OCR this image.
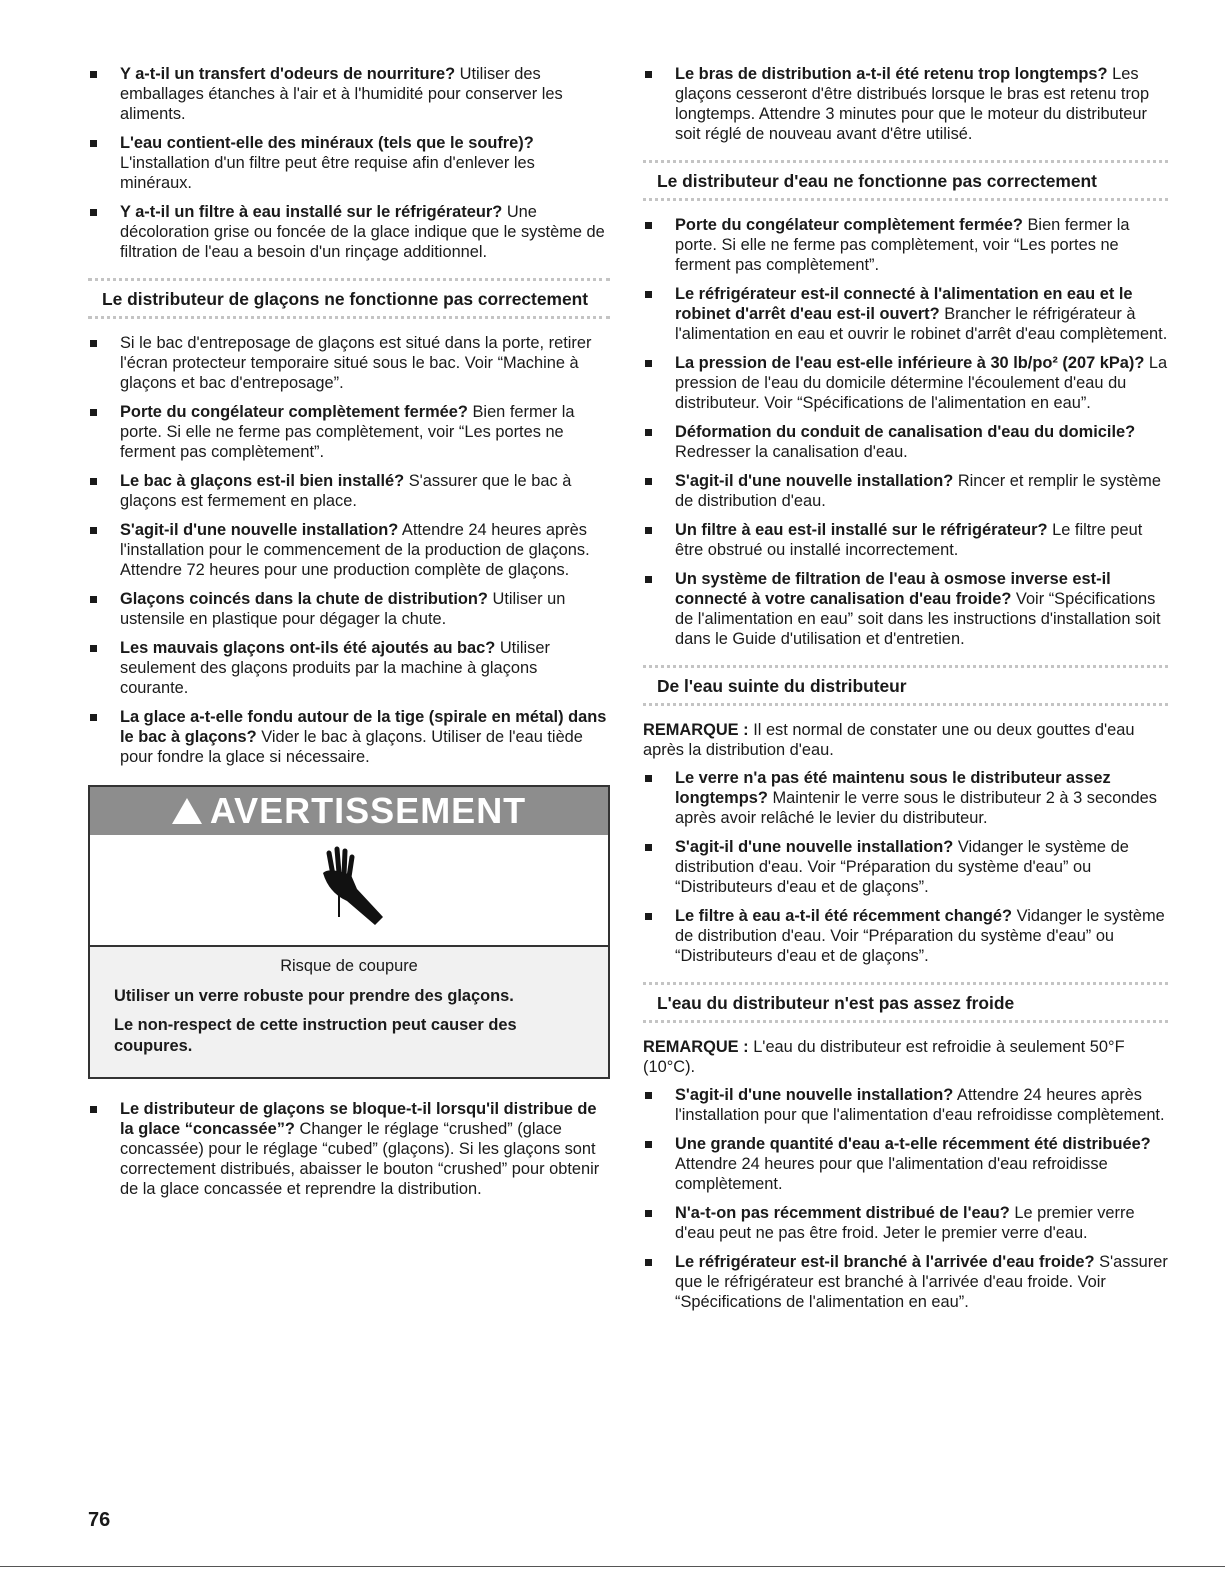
Y a-t-il un transfert d'odeurs de nourriture? Utiliser des emballages étanches à l'air et à l'humidité pour conserver les aliments.
L'eau contient-elle des minéraux (tels que le soufre)? L'installation d'un filtre peut être requise afin d'enlever les minéraux.
Y a-t-il un filtre à eau installé sur le réfrigérateur? Une décoloration grise ou foncée de la glace indique que le système de filtration de l'eau a besoin d'un rinçage additionnel.
Le distributeur de glaçons ne fonctionne pas correctement
Si le bac d'entreposage de glaçons est situé dans la porte, retirer l'écran protecteur temporaire situé sous le bac. Voir “Machine à glaçons et bac d'entreposage”.
Porte du congélateur complètement fermée? Bien fermer la porte. Si elle ne ferme pas complètement, voir “Les portes ne ferment pas complètement”.
Le bac à glaçons est-il bien installé? S'assurer que le bac à glaçons est fermement en place.
S'agit-il d'une nouvelle installation? Attendre 24 heures après l'installation pour le commencement de la production de glaçons. Attendre 72 heures pour une production complète de glaçons.
Glaçons coincés dans la chute de distribution? Utiliser un ustensile en plastique pour dégager la chute.
Les mauvais glaçons ont-ils été ajoutés au bac? Utiliser seulement des glaçons produits par la machine à glaçons courante.
La glace a-t-elle fondu autour de la tige (spirale en métal) dans le bac à glaçons? Vider le bac à glaçons. Utiliser de l'eau tiède pour fondre la glace si nécessaire.
AVERTISSEMENT
Risque de coupure
Utiliser un verre robuste pour prendre des glaçons.
Le non-respect de cette instruction peut causer des coupures.
Le distributeur de glaçons se bloque-t-il lorsqu'il distribue de la glace “concassée”? Changer le réglage “crushed” (glace concassée) pour le réglage “cubed” (glaçons). Si les glaçons sont correctement distribués, abaisser le bouton “crushed” pour obtenir de la glace concassée et reprendre la distribution.
Le bras de distribution a-t-il été retenu trop longtemps? Les glaçons cesseront d'être distribués lorsque le bras est retenu trop longtemps. Attendre 3 minutes pour que le moteur du distributeur soit réglé de nouveau avant d'être utilisé.
Le distributeur d'eau ne fonctionne pas correctement
Porte du congélateur complètement fermée? Bien fermer la porte. Si elle ne ferme pas complètement, voir “Les portes ne ferment pas complètement”.
Le réfrigérateur est-il connecté à l'alimentation en eau et le robinet d'arrêt d'eau est-il ouvert? Brancher le réfrigérateur à l'alimentation en eau et ouvrir le robinet d'arrêt d'eau complètement.
La pression de l'eau est-elle inférieure à 30 lb/po² (207 kPa)? La pression de l'eau du domicile détermine l'écoulement d'eau du distributeur. Voir “Spécifications de l'alimentation en eau”.
Déformation du conduit de canalisation d'eau du domicile? Redresser la canalisation d'eau.
S'agit-il d'une nouvelle installation? Rincer et remplir le système de distribution d'eau.
Un filtre à eau est-il installé sur le réfrigérateur? Le filtre peut être obstrué ou installé incorrectement.
Un système de filtration de l'eau à osmose inverse est-il connecté à votre canalisation d'eau froide? Voir “Spécifications de l'alimentation en eau” soit dans les instructions d'installation soit dans le Guide d'utilisation et d'entretien.
De l'eau suinte du distributeur

REMARQUE : Il est normal de constater une ou deux gouttes d'eau après la distribution d'eau.

Le verre n'a pas été maintenu sous le distributeur assez longtemps? Maintenir le verre sous le distributeur 2 à 3 secondes après avoir relâché le levier du distributeur.
S'agit-il d'une nouvelle installation? Vidanger le système de distribution d'eau. Voir “Préparation du système d'eau” ou “Distributeurs d'eau et de glaçons”.
Le filtre à eau a-t-il été récemment changé? Vidanger le système de distribution d'eau. Voir “Préparation du système d'eau” ou “Distributeurs d'eau et de glaçons”.
L'eau du distributeur n'est pas assez froide

REMARQUE : L'eau du distributeur est refroidie à seulement 50°F (10°C).

S'agit-il d'une nouvelle installation? Attendre 24 heures après l'installation pour que l'alimentation d'eau refroidisse complètement.
Une grande quantité d'eau a-t-elle récemment été distribuée? Attendre 24 heures pour que l'alimentation d'eau refroidisse complètement.
N'a-t-on pas récemment distribué de l'eau? Le premier verre d'eau peut ne pas être froid. Jeter le premier verre d'eau.
Le réfrigérateur est-il branché à l'arrivée d'eau froide? S'assurer que le réfrigérateur est branché à l'arrivée d'eau froide. Voir “Spécifications de l'alimentation en eau”.
76
